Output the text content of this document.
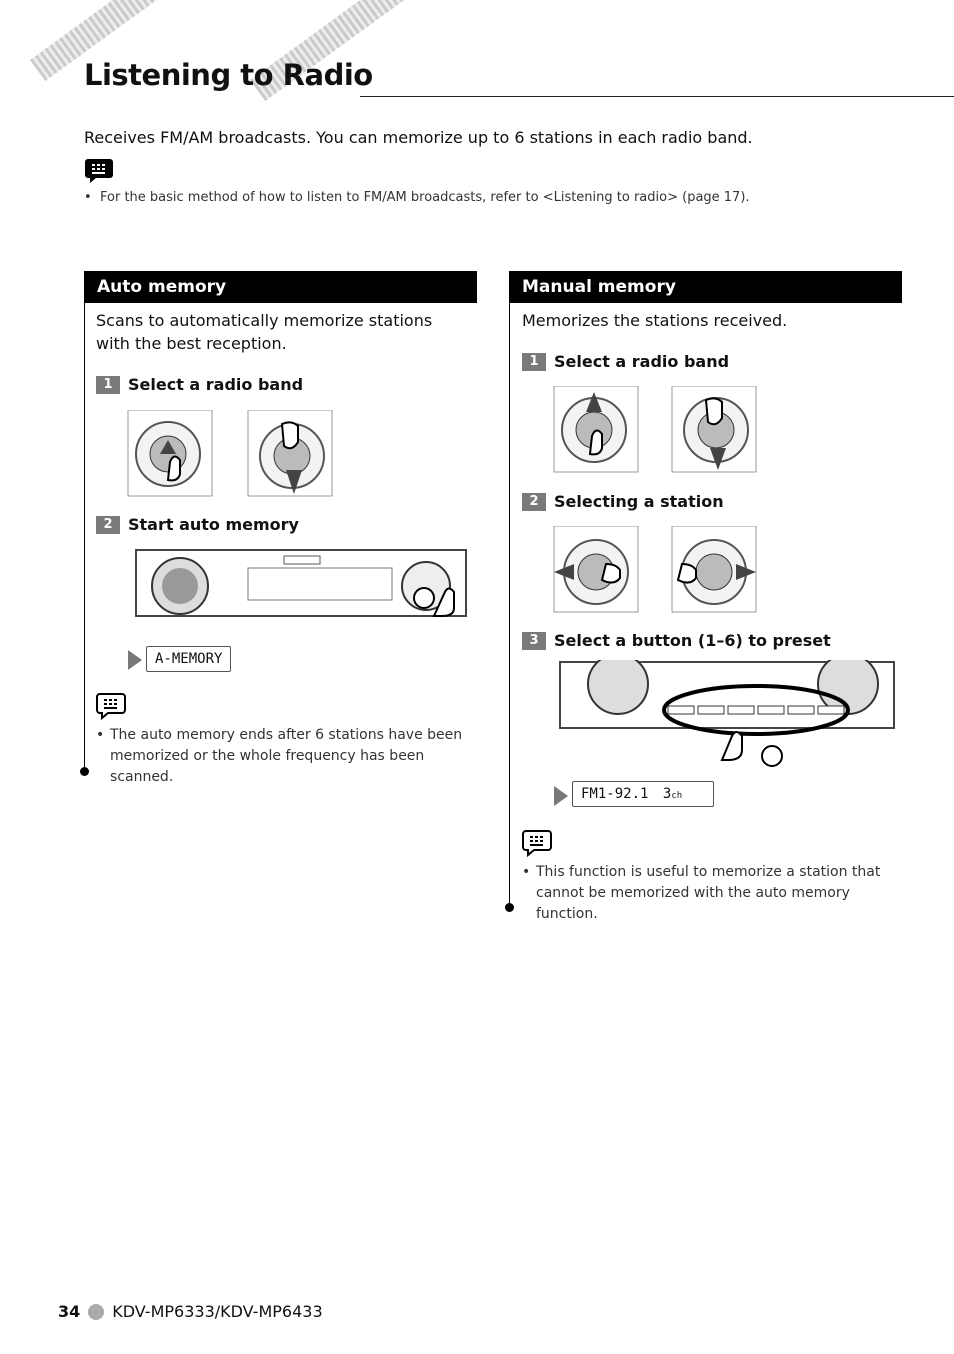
Listening to Radio
Receives FM/AM broadcasts. You can memorize up to 6 stations in each radio band.
• For the basic method of how to listen to FM/AM broadcasts, refer to <Listening to radio> (page 17).
Auto memory
Scans to automatically memorize stations with the best reception.
1 Select a radio band
2 Start auto memory
A-MEMORY
• The auto memory ends after 6 stations have been memorized or the whole frequency has been scanned.
Manual memory
Memorizes the stations received.
1 Select a radio band
2 Selecting a station
3 Select a button (1–6) to preset
FM1-92.1 3ch
• This function is useful to memorize a station that cannot be memorized with the auto memory function.
34 KDV-MP6333/KDV-MP6433
